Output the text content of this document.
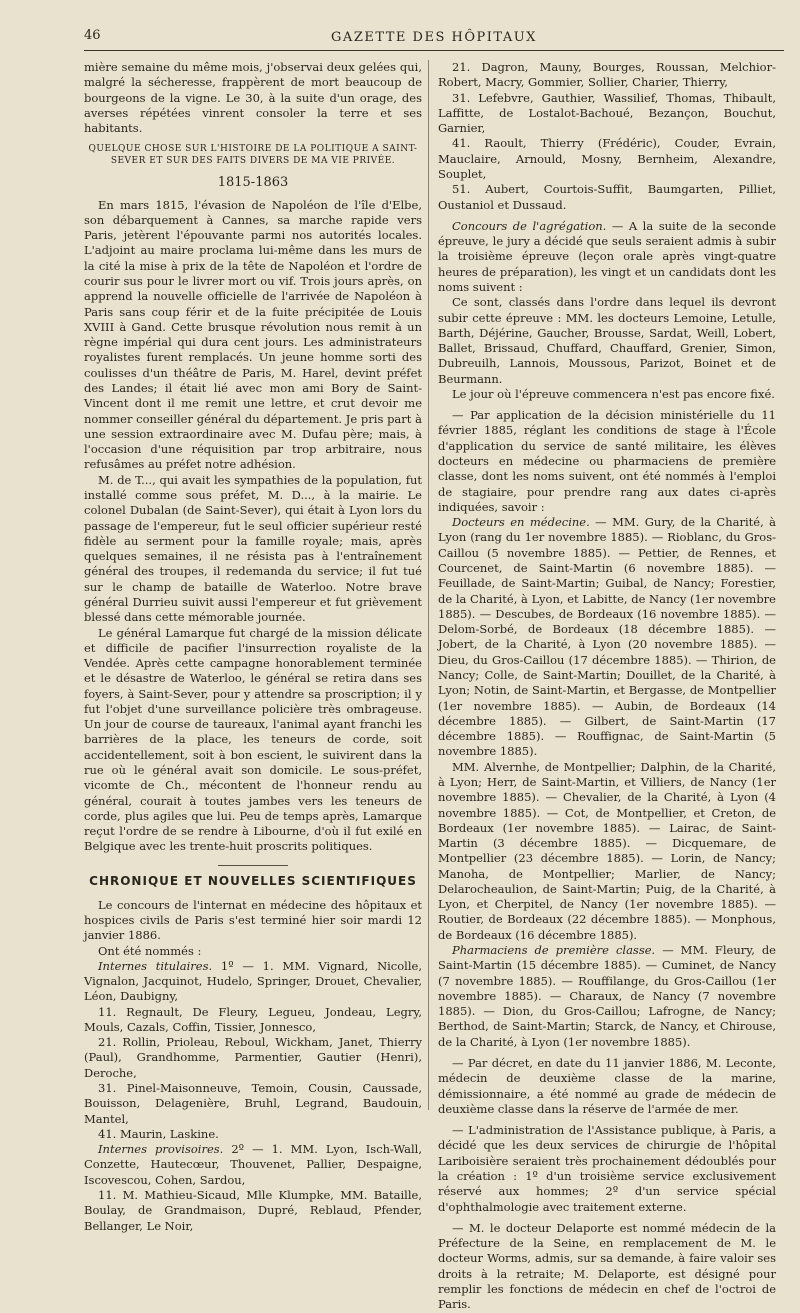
46	GAZETTE DES HÔPITAUX

mière semaine du même mois, j'observai deux gelées qui, malgré la sécheresse, frappèrent de mort beaucoup de bourgeons de la vigne. Le 30, à la suite d'un orage, des averses répétées vinrent consoler la terre et ses habitants.

QUELQUE CHOSE SUR L'HISTOIRE DE LA POLITIQUE A SAINT-SEVER ET SUR DES FAITS DIVERS DE MA VIE PRIVÉE.

1815-1863

En mars 1815, l'évasion de Napoléon de l'île d'Elbe, son débarquement à Cannes, sa marche rapide vers Paris, jetèrent l'épouvante parmi nos autorités locales. L'adjoint au maire proclama lui-même dans les murs de la cité la mise à prix de la tête de Napoléon et l'ordre de courir sus pour le livrer mort ou vif. Trois jours après, on apprend la nouvelle officielle de l'arrivée de Napoléon à Paris sans coup férir et de la fuite précipitée de Louis XVIII à Gand. Cette brusque révolution nous remit à un règne impérial qui dura cent jours. Les administrateurs royalistes furent remplacés. Un jeune homme sorti des coulisses d'un théâtre de Paris, M. Harel, devint préfet des Landes; il était lié avec mon ami Bory de Saint-Vincent dont il me remit une lettre, et crut devoir me nommer conseiller général du département. Je pris part à une session extraordinaire avec M. Dufau père; mais, à l'occasion d'une réquisition par trop arbitraire, nous refusâmes au préfet notre adhésion.

M. de T..., qui avait les sympathies de la population, fut installé comme sous préfet, M. D..., à la mairie. Le colonel Dubalan (de Saint-Sever), qui était à Lyon lors du passage de l'empereur, fut le seul officier supérieur resté fidèle au serment pour la famille royale; mais, après quelques semaines, il ne résista pas à l'entraînement général des troupes, il redemanda du service; il fut tué sur le champ de bataille de Waterloo. Notre brave général Durrieu suivit aussi l'empereur et fut grièvement blessé dans cette mémorable journée.

Le général Lamarque fut chargé de la mission délicate et difficile de pacifier l'insurrection royaliste de la Vendée. Après cette campagne honorablement terminée et le désastre de Waterloo, le général se retira dans ses foyers, à Saint-Sever, pour y attendre sa proscription; il y fut l'objet d'une surveillance policière très ombrageuse. Un jour de course de taureaux, l'animal ayant franchi les barrières de la place, les teneurs de corde, soit accidentellement, soit à bon escient, le suivirent dans la rue où le général avait son domicile. Le sous-préfet, vicomte de Ch., mécontent de l'honneur rendu au général, courait à toutes jambes vers les teneurs de corde, plus agiles que lui. Peu de temps après, Lamarque reçut l'ordre de se rendre à Libourne, d'où il fut exilé en Belgique avec les trente-huit proscrits politiques.

CHRONIQUE ET NOUVELLES SCIENTIFIQUES

Le concours de l'internat en médecine des hôpitaux et hospices civils de Paris s'est terminé hier soir mardi 12 janvier 1886.

Ont été nommés :

Internes titulaires. 1º — 1. MM. Vignard, Nicolle, Vignalon, Jacquinot, Hudelo, Springer, Drouet, Chevalier, Léon, Daubigny,

11. Regnault, De Fleury, Legueu, Jondeau, Legry, Mouls, Cazals, Coffin, Tissier, Jonnesco,

21. Rollin, Prioleau, Reboul, Wickham, Janet, Thierry (Paul), Grandhomme, Parmentier, Gautier (Henri), Deroche,

31. Pinel-Maisonneuve, Temoin, Cousin, Caussade, Bouisson, Delagenière, Bruhl, Legrand, Baudouin, Mantel,

41. Maurin, Laskine.

Internes provisoires. 2º — 1. MM. Lyon, Isch-Wall, Conzette, Hautecœur, Thouvenet, Pallier, Despaigne, Iscovescou, Cohen, Sardou,

11. M. Mathieu-Sicaud, Mlle Klumpke, MM. Bataille, Boulay, de Grandmaison, Dupré, Reblaud, Pfender, Bellanger, Le Noir,

21. Dagron, Mauny, Bourges, Roussan, Melchior-Robert, Macry, Gommier, Sollier, Charier, Thierry,

31. Lefebvre, Gauthier, Wassilief, Thomas, Thibault, Laffitte, de Lostalot-Bachoué, Bezançon, Bouchut, Garnier,

41. Raoult, Thierry (Frédéric), Couder, Evrain, Mauclaire, Arnould, Mosny, Bernheim, Alexandre, Souplet,

51. Aubert, Courtois-Suffit, Baumgarten, Pilliet, Oustaniol et Dussaud.

Concours de l'agrégation. — A la suite de la seconde épreuve, le jury a décidé que seuls seraient admis à subir la troisième épreuve (leçon orale après vingt-quatre heures de préparation), les vingt et un candidats dont les noms suivent :

Ce sont, classés dans l'ordre dans lequel ils devront subir cette épreuve : MM. les docteurs Lemoine, Letulle, Barth, Déjérine, Gaucher, Brousse, Sardat, Weill, Lobert, Ballet, Brissaud, Chuffard, Chauffard, Grenier, Simon, Dubreuilh, Lannois, Moussous, Parizot, Boinet et de Beurmann.

Le jour où l'épreuve commencera n'est pas encore fixé.

— Par application de la décision ministérielle du 11 février 1885, réglant les conditions de stage à l'École d'application du service de santé militaire, les élèves docteurs en médecine ou pharmaciens de première classe, dont les noms suivent, ont été nommés à l'emploi de stagiaire, pour prendre rang aux dates ci-après indiquées, savoir :

Docteurs en médecine. — MM. Gury, de la Charité, à Lyon (rang du 1er novembre 1885). — Rioblanc, du Gros-Caillou (5 novembre 1885). — Pettier, de Rennes, et Courcenet, de Saint-Martin (6 novembre 1885). — Feuillade, de Saint-Martin; Guibal, de Nancy; Forestier, de la Charité, à Lyon, et Labitte, de Nancy (1er novembre 1885). — Descubes, de Bordeaux (16 novembre 1885). — Delom-Sorbé, de Bordeaux (18 décembre 1885). — Jobert, de la Charité, à Lyon (20 novembre 1885). — Dieu, du Gros-Caillou (17 décembre 1885). — Thirion, de Nancy; Colle, de Saint-Martin; Douillet, de la Charité, à Lyon; Notin, de Saint-Martin, et Bergasse, de Montpellier (1er novembre 1885). — Aubin, de Bordeaux (14 décembre 1885). — Gilbert, de Saint-Martin (17 décembre 1885). — Rouffignac, de Saint-Martin (5 novembre 1885).

MM. Alvernhe, de Montpellier; Dalphin, de la Charité, à Lyon; Herr, de Saint-Martin, et Villiers, de Nancy (1er novembre 1885). — Chevalier, de la Charité, à Lyon (4 novembre 1885). — Cot, de Montpellier, et Creton, de Bordeaux (1er novembre 1885). — Lairac, de Saint-Martin (3 décembre 1885). — Dicquemare, de Montpellier (23 décembre 1885). — Lorin, de Nancy; Manoha, de Montpellier; Marlier, de Nancy; Delarocheaulion, de Saint-Martin; Puig, de la Charité, à Lyon, et Cherpitel, de Nancy (1er novembre 1885). — Routier, de Bordeaux (22 décembre 1885). — Monphous, de Bordeaux (16 décembre 1885).

Pharmaciens de première classe. — MM. Fleury, de Saint-Martin (15 décembre 1885). — Cuminet, de Nancy (7 novembre 1885). — Rouffilange, du Gros-Caillou (1er novembre 1885). — Charaux, de Nancy (7 novembre 1885). — Dion, du Gros-Caillou; Lafrogne, de Nancy; Berthod, de Saint-Martin; Starck, de Nancy, et Chirouse, de la Charité, à Lyon (1er novembre 1885).

— Par décret, en date du 11 janvier 1886, M. Leconte, médecin de deuxième classe de la marine, démissionnaire, a été nommé au grade de médecin de deuxième classe dans la réserve de l'armée de mer.

— L'administration de l'Assistance publique, à Paris, a décidé que les deux services de chirurgie de l'hôpital Lariboisière seraient très prochainement dédoublés pour la création : 1º d'un troisième service exclusivement réservé aux hommes; 2º d'un service spécial d'ophthalmologie avec traitement externe.

— M. le docteur Delaporte est nommé médecin de la Préfecture de la Seine, en remplacement de M. le docteur Worms, admis, sur sa demande, à faire valoir ses droits à la retraite; M. Delaporte, est désigné pour remplir les fonctions de médecin en chef de l'octroi de Paris.
